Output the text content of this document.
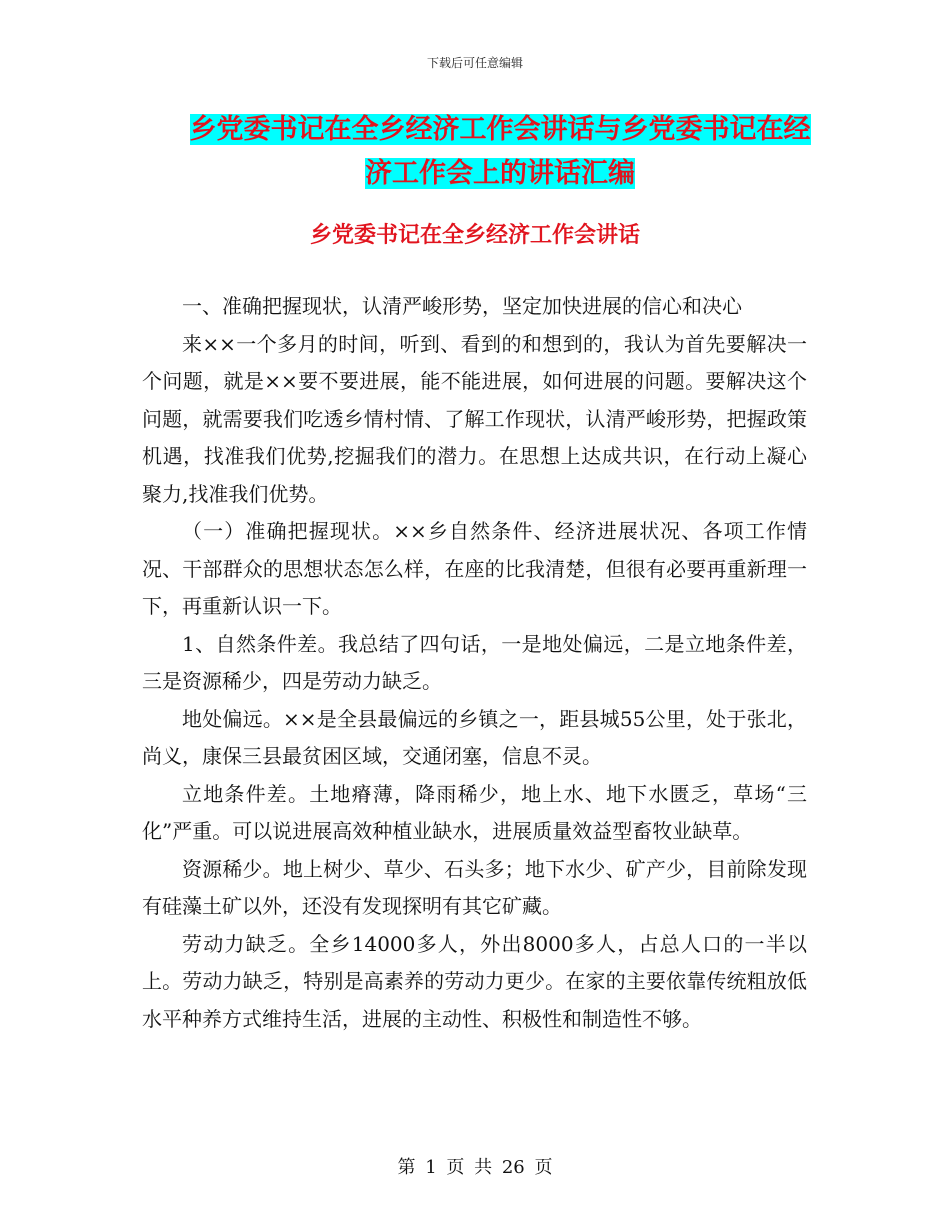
下载后可任意编辑
乡党委书记在全乡经济工作会讲话与乡党委书记在经
济工作会上的讲话汇编
乡党委书记在全乡经济工作会讲话

一、准确把握现状，认清严峻形势，坚定加快进展的信心和决心

来××一个多月的时间，听到、看到的和想到的，我认为首先要解决一个问题，就是××要不要进展，能不能进展，如何进展的问题。要解决这个问题，就需要我们吃透乡情村情、了解工作现状，认清严峻形势，把握政策机遇，找准我们优势,挖掘我们的潜力。在思想上达成共识，在行动上凝心聚力,找准我们优势。

（一）准确把握现状。××乡自然条件、经济进展状况、各项工作情况、干部群众的思想状态怎么样，在座的比我清楚，但很有必要再重新理一下，再重新认识一下。

1、自然条件差。我总结了四句话，一是地处偏远，二是立地条件差，三是资源稀少，四是劳动力缺乏。

地处偏远。××是全县最偏远的乡镇之一，距县城55公里，处于张北，尚义，康保三县最贫困区域，交通闭塞，信息不灵。

立地条件差。土地瘠薄，降雨稀少，地上水、地下水匮乏，草场“三化”严重。可以说进展高效种植业缺水，进展质量效益型畜牧业缺草。

资源稀少。地上树少、草少、石头多；地下水少、矿产少，目前除发现有硅藻土矿以外，还没有发现探明有其它矿藏。

劳动力缺乏。全乡14000多人，外出8000多人，占总人口的一半以上。劳动力缺乏，特别是高素养的劳动力更少。在家的主要依靠传统粗放低水平种养方式维持生活，进展的主动性、积极性和制造性不够。

第 1 页 共 26 页
